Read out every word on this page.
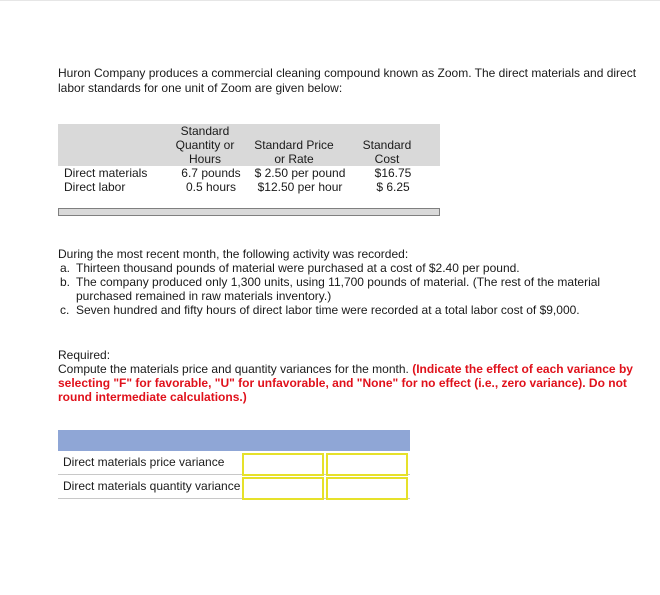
Huron Company produces a commercial cleaning compound known as Zoom. The direct materials and direct labor standards for one unit of Zoom are given below:
Standard
Quantity or
Hours

Standard Price
or Rate

Standard
Cost
Direct materials	6.7 pounds	$ 2.50 per pound	$16.75
Direct labor	0.5 hours	$12.50 per hour	$ 6.25
During the most recent month, the following activity was recorded:
a. Thirteen thousand pounds of material were purchased at a cost of $2.40 per pound.
b. The company produced only 1,300 units, using 11,700 pounds of material. (The rest of the material purchased remained in raw materials inventory.)
c. Seven hundred and fifty hours of direct labor time were recorded at a total labor cost of $9,000.
Required:
Compute the materials price and quantity variances for the month. (Indicate the effect of each variance by selecting "F" for favorable, "U" for unfavorable, and "None" for no effect (i.e., zero variance). Do not round intermediate calculations.)
Direct materials price variance
Direct materials quantity variance
